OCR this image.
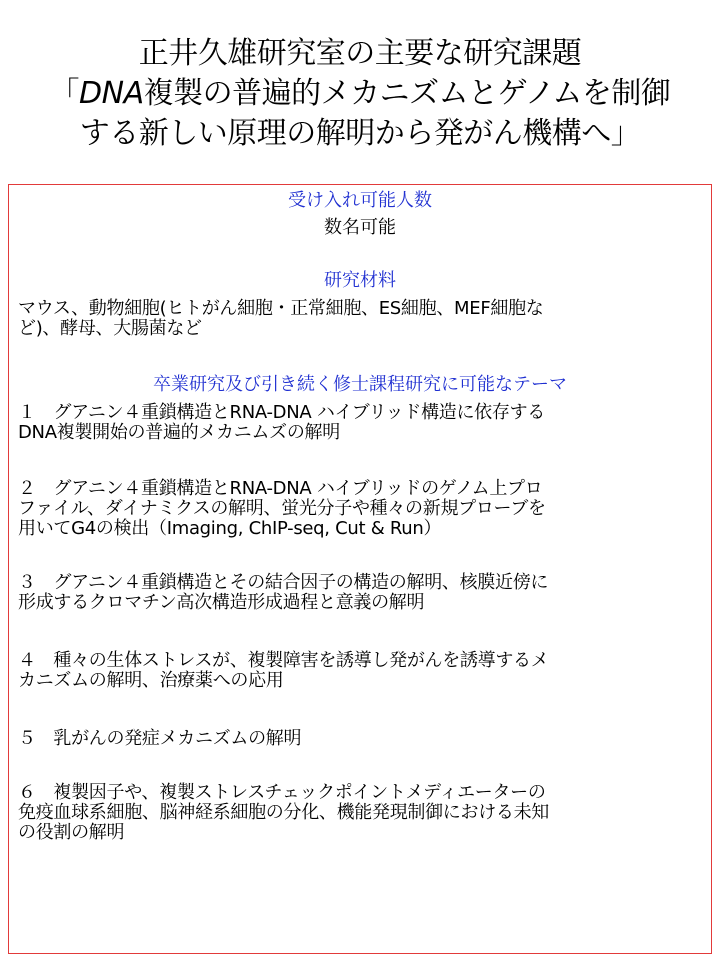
正井久雄研究室の主要な研究課題
「DNA複製の普遍的メカニズムとゲノムを制御
する新しい原理の解明から発がん機構へ」
受け入れ可能人数
数名可能
研究材料
マウス、動物細胞(ヒトがん細胞・正常細胞、ES細胞、MEF細胞な
ど)、酵母、大腸菌など
卒業研究及び引き続く修士課程研究に可能なテーマ
１　グアニン４重鎖構造とRNA-DNA ハイブリッド構造に依存する
DNA複製開始の普遍的メカニムズの解明
２　グアニン４重鎖構造とRNA-DNA ハイブリッドのゲノム上プロ
ファイル、ダイナミクスの解明、蛍光分子や種々の新規プローブを
用いてG4の検出（Imaging, ChIP-seq, Cut & Run）
３　グアニン４重鎖構造とその結合因子の構造の解明、核膜近傍に
形成するクロマチン高次構造形成過程と意義の解明
４　種々の生体ストレスが、複製障害を誘導し発がんを誘導するメ
カニズムの解明、治療薬への応用
５　乳がんの発症メカニズムの解明
６　複製因子や、複製ストレスチェックポイントメディエーターの
免疫血球系細胞、脳神経系細胞の分化、機能発現制御における未知
の役割の解明
